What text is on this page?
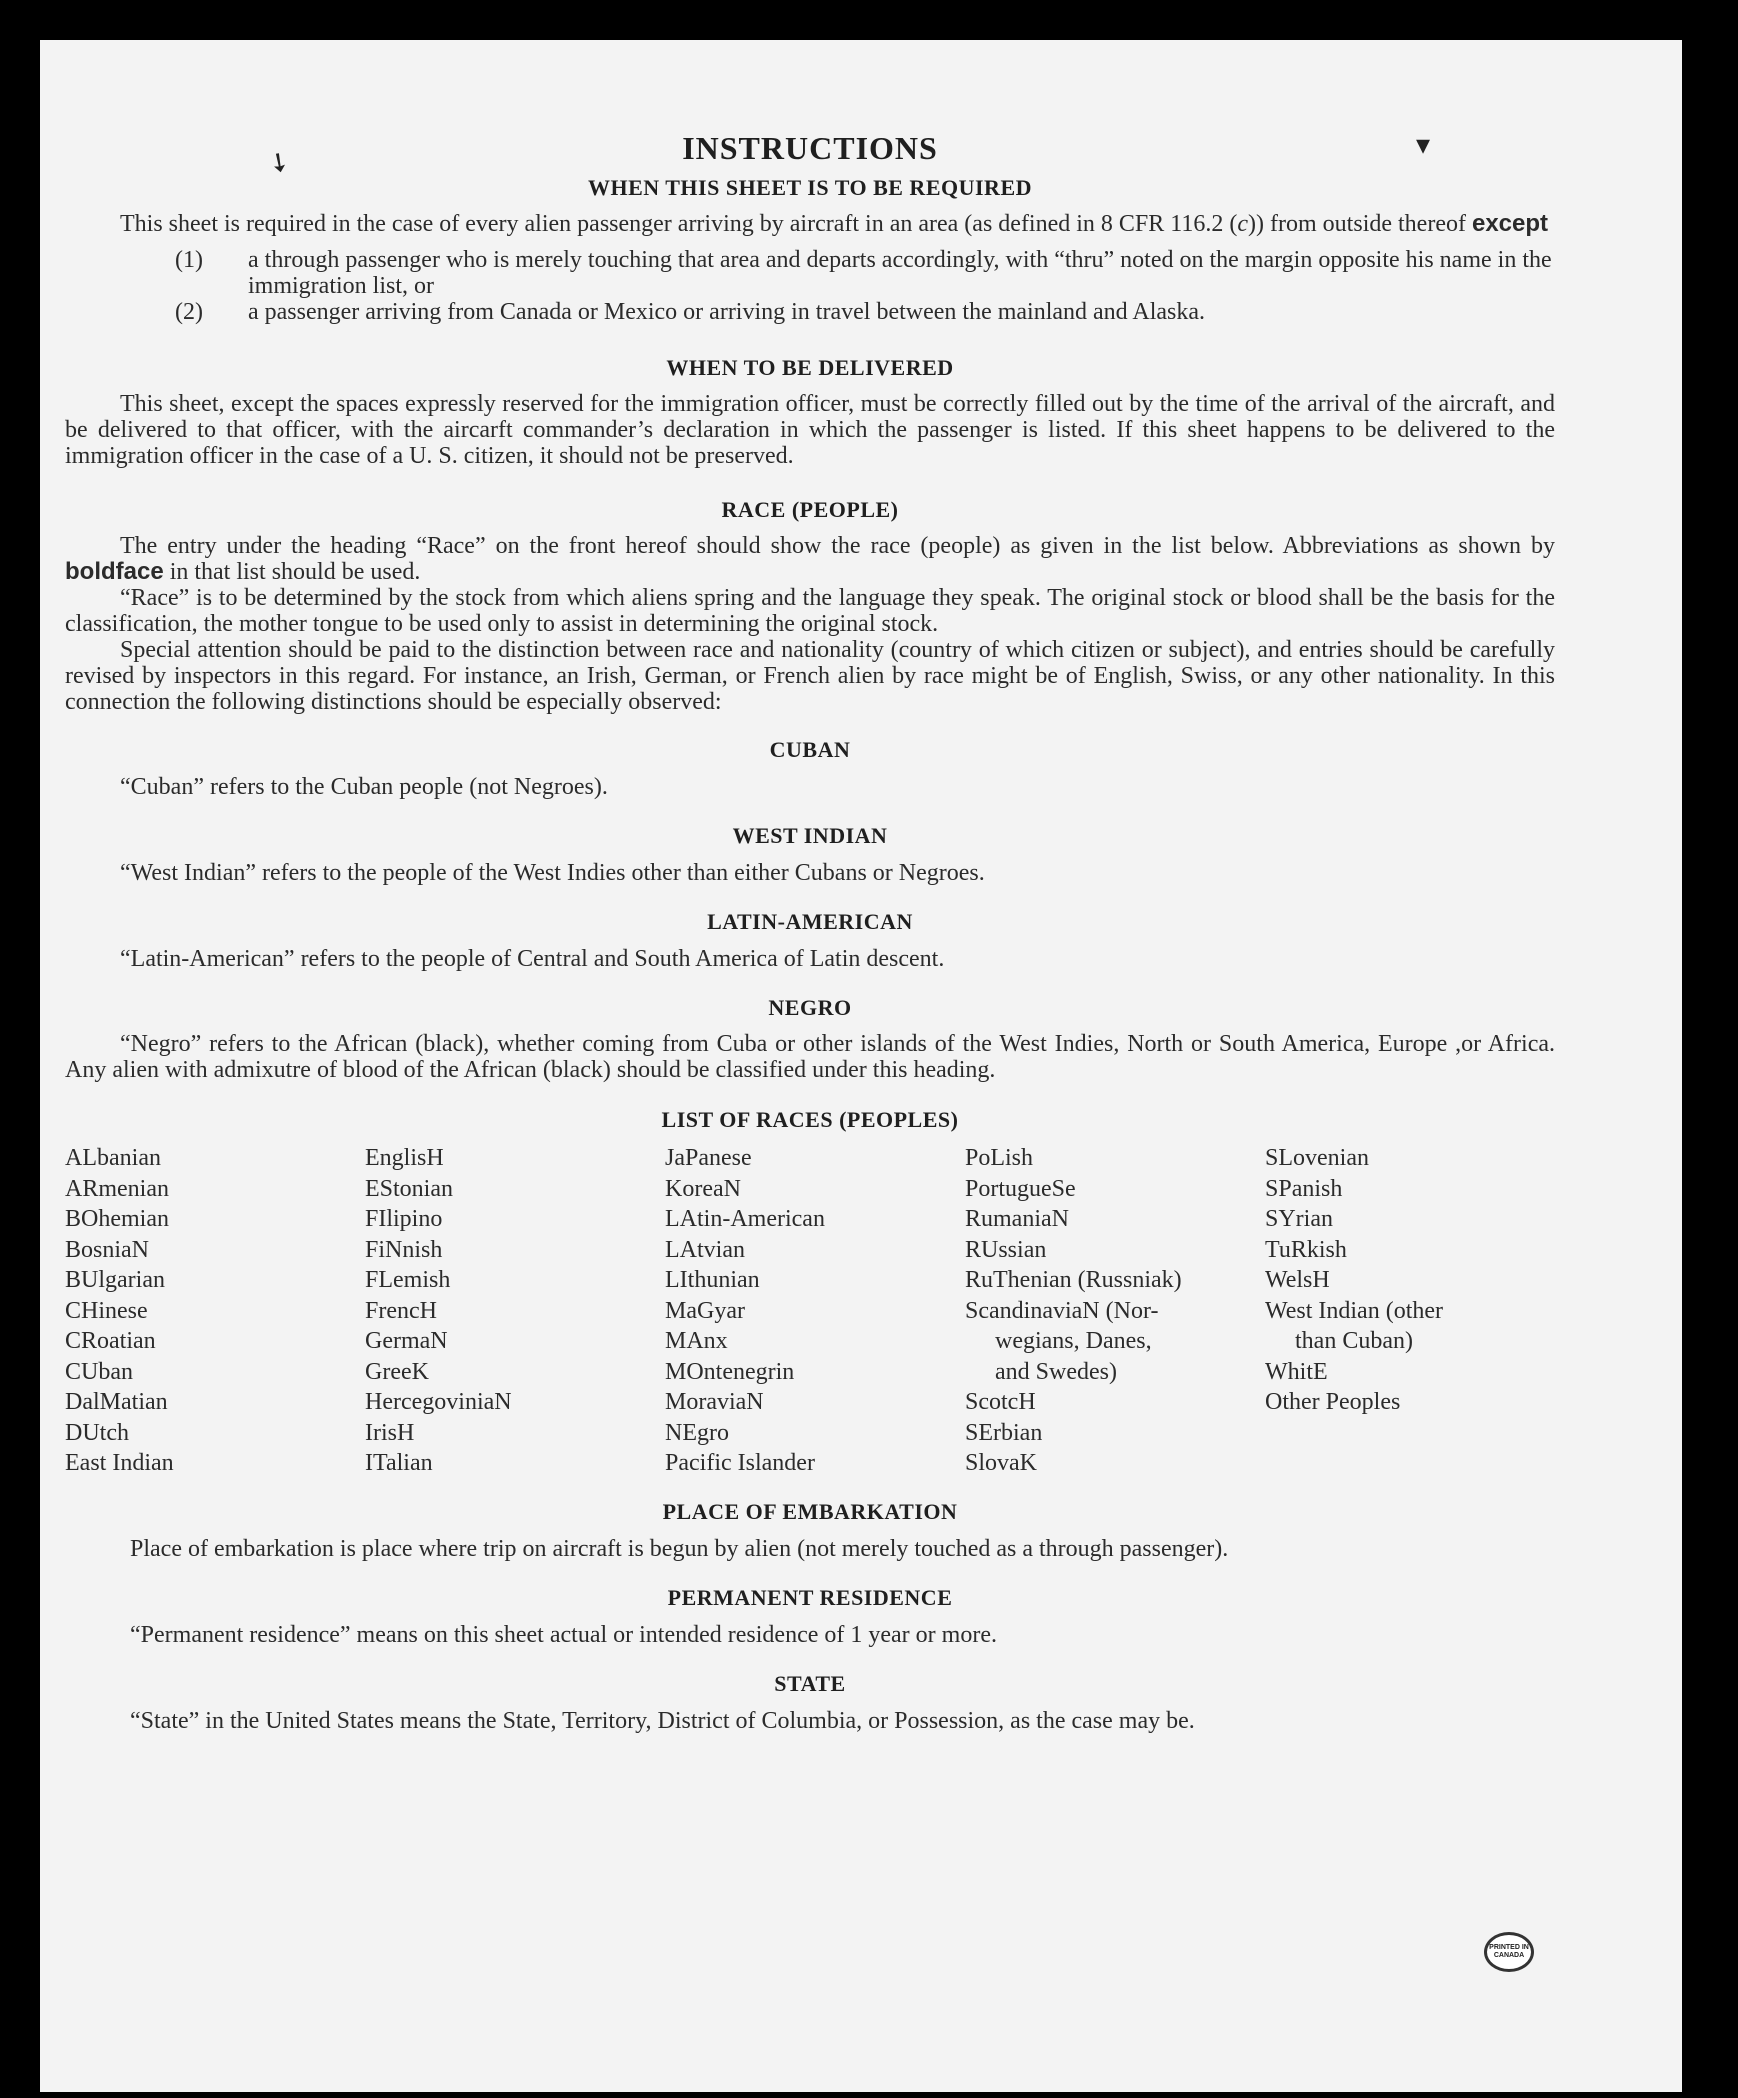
➘	▾
INSTRUCTIONS
WHEN THIS SHEET IS TO BE REQUIRED

This sheet is required in the case of every alien passenger arriving by aircraft in an area (as defined in 8 CFR 116.2 (c)) from outside thereof except

(1) a through passenger who is merely touching that area and departs accordingly, with “thru” noted on the margin opposite his name in the immigration list, or
(2) a passenger arriving from Canada or Mexico or arriving in travel between the mainland and Alaska.
WHEN TO BE DELIVERED

This sheet, except the spaces expressly reserved for the immigration officer, must be correctly filled out by the time of the arrival of the aircraft, and be delivered to that officer, with the aircarft commander’s declaration in which the passenger is listed. If this sheet happens to be delivered to the immigration officer in the case of a U. S. citizen, it should not be preserved.

RACE (PEOPLE)

The entry under the heading “Race” on the front hereof should show the race (people) as given in the list below. Abbreviations as shown by boldface in that list should be used.

“Race” is to be determined by the stock from which aliens spring and the language they speak. The original stock or blood shall be the basis for the classification, the mother tongue to be used only to assist in determining the original stock.

Special attention should be paid to the distinction between race and nationality (country of which citizen or subject), and entries should be carefully revised by inspectors in this regard. For instance, an Irish, German, or French alien by race might be of English, Swiss, or any other nationality. In this connection the following distinctions should be especially observed:

CUBAN

“Cuban” refers to the Cuban people (not Negroes).

WEST INDIAN

“West Indian” refers to the people of the West Indies other than either Cubans or Negroes.

LATIN-AMERICAN

“Latin-American” refers to the people of Central and South America of Latin descent.

NEGRO

“Negro” refers to the African (black), whether coming from Cuba or other islands of the West Indies, North or South America, Europe ,or Africa. Any alien with admixutre of blood of the African (black) should be classified under this heading.

LIST OF RACES (PEOPLES)
ALbanian
ARmenian
BOhemian
BosniaN
BUlgarian
CHinese
CRoatian
CUban
DalMatian
DUtch
East Indian
EnglisH
EStonian
FIlipino
FiNnish
FLemish
FrencH
GermaN
GreeK
HercegoviniaN
IrisH
ITalian
JaPanese
KoreaN
LAtin-American
LAtvian
LIthunian
MaGyar
MAnx
MOntenegrin
MoraviaN
NEgro
Pacific Islander
PoLish
PortugueSe
RumaniaN
RUssian
RuThenian (Russniak)
ScandinaviaN (Nor-
wegians, Danes,
and Swedes)
ScotcH
SErbian
SlovaK
SLovenian
SPanish
SYrian
TuRkish
WelsH
West Indian (other
than Cuban)
WhitE
Other Peoples
PLACE OF EMBARKATION

Place of embarkation is place where trip on aircraft is begun by alien (not merely touched as a through passenger).

PERMANENT RESIDENCE

“Permanent residence” means on this sheet actual or intended residence of 1 year or more.

STATE

“State” in the United States means the State, Territory, District of Columbia, or Possession, as the case may be.

PRINTED IN CANADA
